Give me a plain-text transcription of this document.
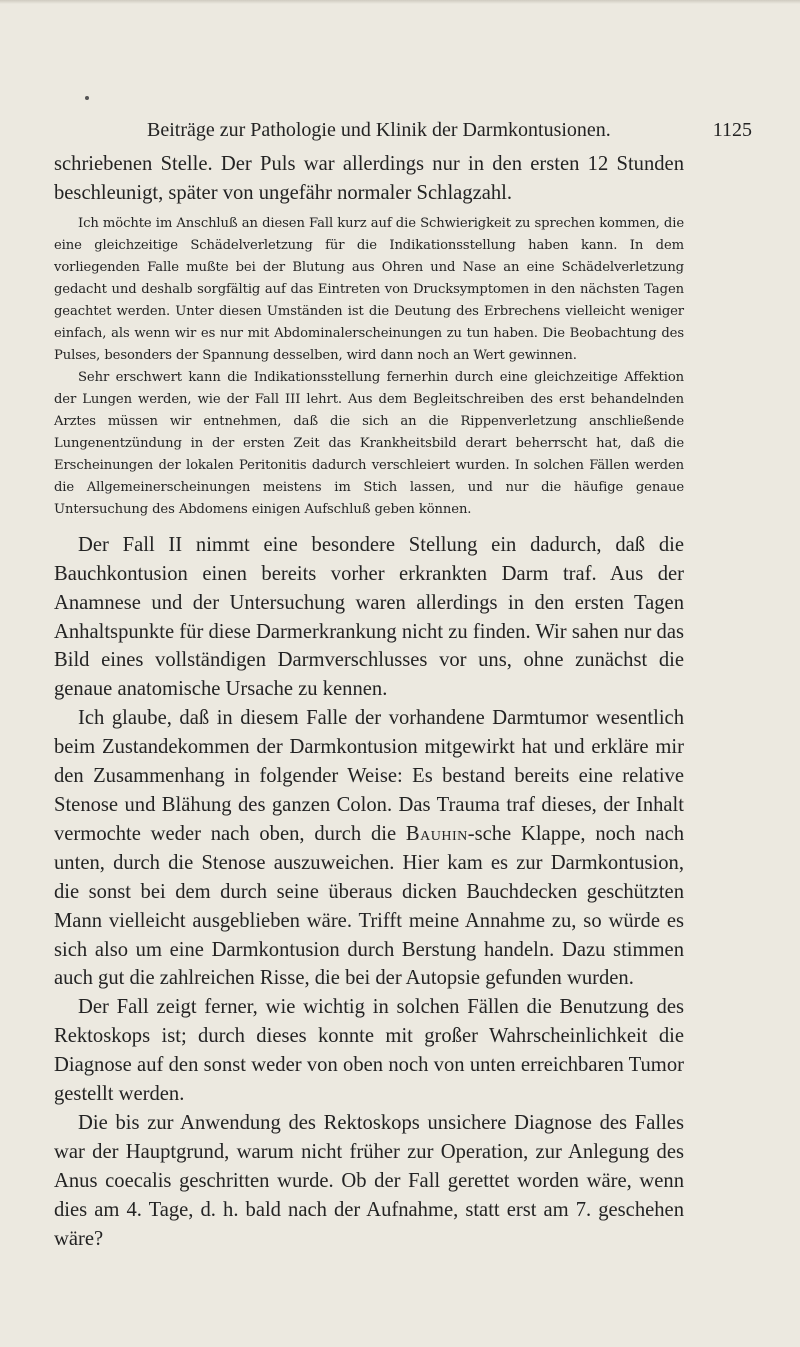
Beiträge zur Pathologie und Klinik der Darmkontusionen.	1125

schriebenen Stelle. Der Puls war allerdings nur in den ersten 12 Stunden beschleunigt, später von ungefähr normaler Schlagzahl.

Ich möchte im Anschluß an diesen Fall kurz auf die Schwierigkeit zu sprechen kommen, die eine gleichzeitige Schädelverletzung für die Indikationsstellung haben kann. In dem vorliegenden Falle mußte bei der Blutung aus Ohren und Nase an eine Schädelverletzung gedacht und deshalb sorgfältig auf das Eintreten von Drucksymptomen in den nächsten Tagen geachtet werden. Unter diesen Umständen ist die Deutung des Erbrechens vielleicht weniger einfach, als wenn wir es nur mit Abdominalerscheinungen zu tun haben. Die Beobachtung des Pulses, besonders der Spannung desselben, wird dann noch an Wert gewinnen.

Sehr erschwert kann die Indikationsstellung fernerhin durch eine gleichzeitige Affektion der Lungen werden, wie der Fall III lehrt. Aus dem Begleitschreiben des erst behandelnden Arztes müssen wir entnehmen, daß die sich an die Rippenverletzung anschließende Lungenentzündung in der ersten Zeit das Krankheitsbild derart beherrscht hat, daß die Erscheinungen der lokalen Peritonitis dadurch verschleiert wurden. In solchen Fällen werden die Allgemeinerscheinungen meistens im Stich lassen, und nur die häufige genaue Untersuchung des Abdomens einigen Aufschluß geben können.

Der Fall II nimmt eine besondere Stellung ein dadurch, daß die Bauchkontusion einen bereits vorher erkrankten Darm traf. Aus der Anamnese und der Untersuchung waren allerdings in den ersten Tagen Anhaltspunkte für diese Darmerkrankung nicht zu finden. Wir sahen nur das Bild eines vollständigen Darmverschlusses vor uns, ohne zunächst die genaue anatomische Ursache zu kennen.

Ich glaube, daß in diesem Falle der vorhandene Darmtumor wesentlich beim Zustandekommen der Darmkontusion mitgewirkt hat und erkläre mir den Zusammenhang in folgender Weise: Es bestand bereits eine relative Stenose und Blähung des ganzen Colon. Das Trauma traf dieses, der Inhalt vermochte weder nach oben, durch die Bauhin-sche Klappe, noch nach unten, durch die Stenose auszuweichen. Hier kam es zur Darmkontusion, die sonst bei dem durch seine überaus dicken Bauchdecken geschützten Mann vielleicht ausgeblieben wäre. Trifft meine Annahme zu, so würde es sich also um eine Darmkontusion durch Berstung handeln. Dazu stimmen auch gut die zahlreichen Risse, die bei der Autopsie gefunden wurden.

Der Fall zeigt ferner, wie wichtig in solchen Fällen die Benutzung des Rektoskops ist; durch dieses konnte mit großer Wahrscheinlichkeit die Diagnose auf den sonst weder von oben noch von unten erreichbaren Tumor gestellt werden.

Die bis zur Anwendung des Rektoskops unsichere Diagnose des Falles war der Hauptgrund, warum nicht früher zur Operation, zur Anlegung des Anus coecalis geschritten wurde. Ob der Fall gerettet worden wäre, wenn dies am 4. Tage, d. h. bald nach der Aufnahme, statt erst am 7. geschehen wäre?
